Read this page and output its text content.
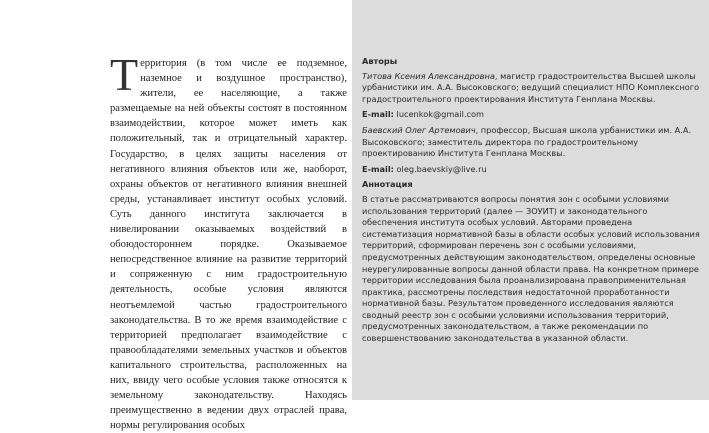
Территория (в том числе ее подземное, наземное и воздушное пространство), жители, ее населяющие, а также размещаемые на ней объекты состоят в постоянном взаимодействии, которое может иметь как положительный, так и отрицательный характер. Государство, в целях защиты населения от негативного влияния объектов или же, наоборот, охраны объектов от негативного влияния внешней среды, устанавливает институт особых условий. Суть данного института заключается в нивелировании оказываемых воздействий в обоюдостороннем порядке. Оказываемое непосредственное влияние на развитие территорий и сопряженную с ним градостроительную деятельность, особые условия являются неотъемлемой частью градостроительного законодательства. В то же время взаимодействие с территорией предполагает взаимодействие с правообладателями земельных участков и объектов капитального строительства, расположенных на них, ввиду чего особые условия также относятся к земельному законодательству. Находясь преимущественно в ведении двух отраслей права, нормы регулирования особых
Авторы
Титова Ксения Александровна, магистр градостроительства Высшей школы урбанистики им. А.А. Высоковского; ведущий специалист НПО Комплексного градостроительного проектирования Института Генплана Москвы.
E-mail: lucenkok@gmail.com
Баевский Олег Артемович, профессор, Высшая школа урбанистики им. А.А. Высоковского; заместитель директора по градостроительному проектированию Института Генплана Москвы.
E-mail: oleg.baevskiy@live.ru
Аннотация
В статье рассматриваются вопросы понятия зон с особыми условиями использования территорий (далее — ЗОУИТ) и законодательного обеспечения института особых условий. Авторами проведена систематизация нормативной базы в области особых условий использования территорий, сформирован перечень зон с особыми условиями, предусмотренных действующим законодательством, определены основные неурегулированные вопросы данной области права. На конкретном примере территории исследования была проанализирована правоприменительная практика, рассмотрены последствия недостаточной проработанности нормативной базы. Результатом проведенного исследования являются сводный реестр зон с особыми условиями использования территорий, предусмотренных законодательством, а также рекомендации по совершенствованию законодательства в указанной области.
